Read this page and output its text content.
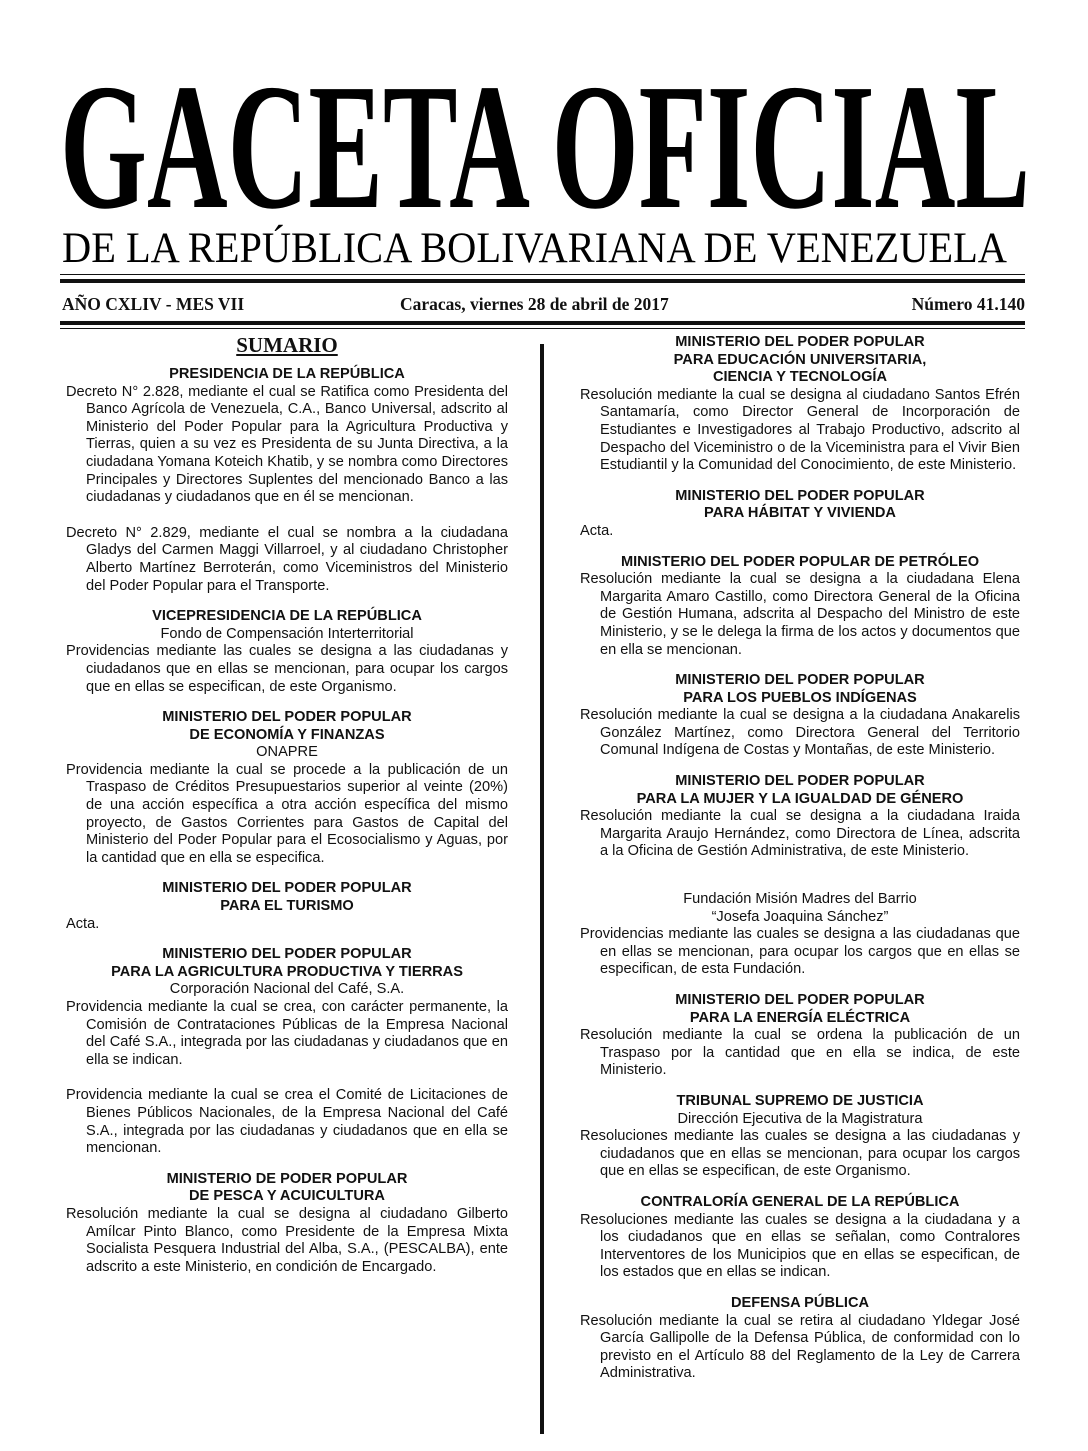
GACETA OFICIAL
DE LA REPÚBLICA BOLIVARIANA DE VENEZUELA
AÑO CXLIV - MES VII	Caracas, viernes 28 de abril de 2017	Número 41.140

SUMARIO

PRESIDENCIA DE LA REPÚBLICA

Decreto N° 2.828, mediante el cual se Ratifica como Presidenta del Banco Agrícola de Venezuela, C.A., Banco Universal, adscrito al Ministerio del Poder Popular para la Agricultura Productiva y Tierras, quien a su vez es Presidenta de su Junta Directiva, a la ciudadana Yomana Koteich Khatib, y se nombra como Directores Principales y Directores Suplentes del mencionado Banco a las ciudadanas y ciudadanos que en él se mencionan.

Decreto N° 2.829, mediante el cual se nombra a la ciudadana Gladys del Carmen Maggi Villarroel, y al ciudadano Christopher Alberto Martínez Berroterán, como Viceministros del Ministerio del Poder Popular para el Transporte.

VICEPRESIDENCIA DE LA REPÚBLICA

Fondo de Compensación Interterritorial

Providencias mediante las cuales se designa a las ciudadanas y ciudadanos que en ellas se mencionan, para ocupar los cargos que en ellas se especifican, de este Organismo.

MINISTERIO DEL PODER POPULAR

DE ECONOMÍA Y FINANZAS

ONAPRE

Providencia mediante la cual se procede a la publicación de un Traspaso de Créditos Presupuestarios superior al veinte (20%) de una acción específica a otra acción específica del mismo proyecto, de Gastos Corrientes para Gastos de Capital del Ministerio del Poder Popular para el Ecosocialismo y Aguas, por la cantidad que en ella se especifica.

MINISTERIO DEL PODER POPULAR

PARA EL TURISMO

Acta.

MINISTERIO DEL PODER POPULAR

PARA LA AGRICULTURA PRODUCTIVA Y TIERRAS

Corporación Nacional del Café, S.A.

Providencia mediante la cual se crea, con carácter permanente, la Comisión de Contrataciones Públicas de la Empresa Nacional del Café S.A., integrada por las ciudadanas y ciudadanos que en ella se indican.

Providencia mediante la cual se crea el Comité de Licitaciones de Bienes Públicos Nacionales, de la Empresa Nacional del Café S.A., integrada por las ciudadanas y ciudadanos que en ella se mencionan.

MINISTERIO DE PODER POPULAR

DE PESCA Y ACUICULTURA

Resolución mediante la cual se designa al ciudadano Gilberto Amílcar Pinto Blanco, como Presidente de la Empresa Mixta Socialista Pesquera Industrial del Alba, S.A., (PESCALBA), ente adscrito a este Ministerio, en condición de Encargado.

MINISTERIO DEL PODER POPULAR

PARA EDUCACIÓN UNIVERSITARIA,

CIENCIA Y TECNOLOGÍA

Resolución mediante la cual se designa al ciudadano Santos Efrén Santamaría, como Director General de Incorporación de Estudiantes e Investigadores al Trabajo Productivo, adscrito al Despacho del Viceministro o de la Viceministra para el Vivir Bien Estudiantil y la Comunidad del Conocimiento, de este Ministerio.

MINISTERIO DEL PODER POPULAR

PARA HÁBITAT Y VIVIENDA

Acta.

MINISTERIO DEL PODER POPULAR DE PETRÓLEO

Resolución mediante la cual se designa a la ciudadana Elena Margarita Amaro Castillo, como Directora General de la Oficina de Gestión Humana, adscrita al Despacho del Ministro de este Ministerio, y se le delega la firma de los actos y documentos que en ella se mencionan.

MINISTERIO DEL PODER POPULAR

PARA LOS PUEBLOS INDÍGENAS

Resolución mediante la cual se designa a la ciudadana Anakarelis González Martínez, como Directora General del Territorio Comunal Indígena de Costas y Montañas, de este Ministerio.

MINISTERIO DEL PODER POPULAR

PARA LA MUJER Y LA IGUALDAD DE GÉNERO

Resolución mediante la cual se designa a la ciudadana Iraida Margarita Araujo Hernández, como Directora de Línea, adscrita a la Oficina de Gestión Administrativa, de este Ministerio.

Fundación Misión Madres del Barrio

“Josefa Joaquina Sánchez”

Providencias mediante las cuales se designa a las ciudadanas que en ellas se mencionan, para ocupar los cargos que en ellas se especifican, de esta Fundación.

MINISTERIO DEL PODER POPULAR

PARA LA ENERGÍA ELÉCTRICA

Resolución mediante la cual se ordena la publicación de un Traspaso por la cantidad que en ella se indica, de este Ministerio.

TRIBUNAL SUPREMO DE JUSTICIA

Dirección Ejecutiva de la Magistratura

Resoluciones mediante las cuales se designa a las ciudadanas y ciudadanos que en ellas se mencionan, para ocupar los cargos que en ellas se especifican, de este Organismo.

CONTRALORÍA GENERAL DE LA REPÚBLICA

Resoluciones mediante las cuales se designa a la ciudadana y a los ciudadanos que en ellas se señalan, como Contralores Interventores de los Municipios que en ellas se especifican, de los estados que en ellas se indican.

DEFENSA PÚBLICA

Resolución mediante la cual se retira al ciudadano Yldegar José García Gallipolle de la Defensa Pública, de conformidad con lo previsto en el Artículo 88 del Reglamento de la Ley de Carrera Administrativa.
